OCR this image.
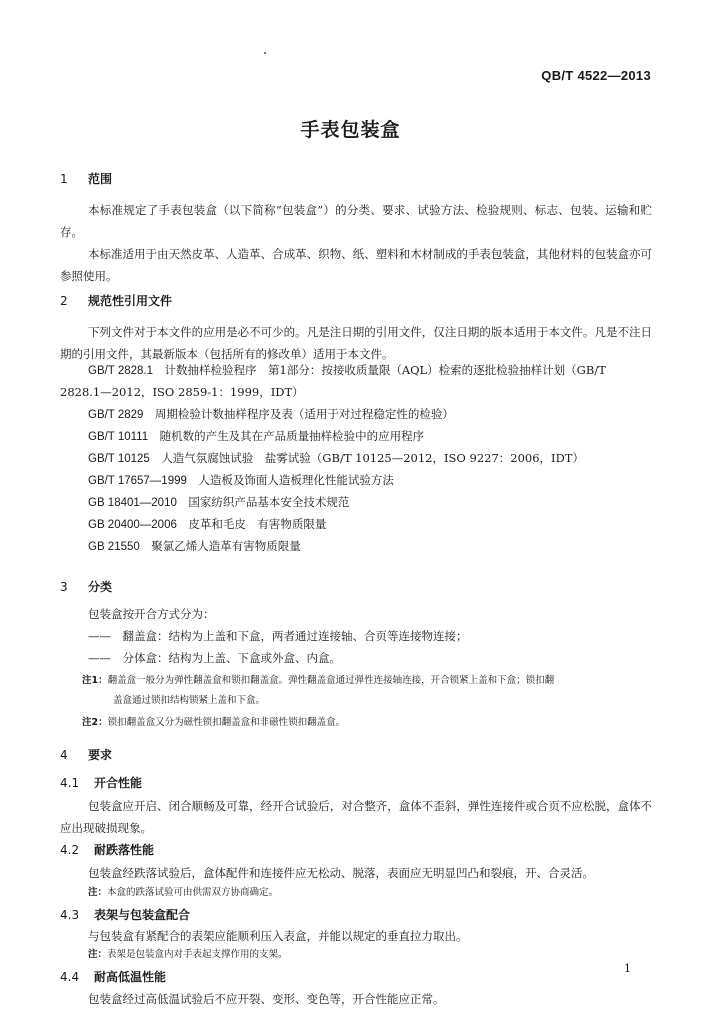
QB/T 4522—2013
手表包装盒
1 范围
本标准规定了手表包装盒（以下简称“包装盒”）的分类、要求、试验方法、检验规则、标志、包装、运输和贮存。
本标准适用于由天然皮革、人造革、合成革、织物、纸、塑料和木材制成的手表包装盒，其他材料的包装盒亦可参照使用。
2 规范性引用文件
下列文件对于本文件的应用是必不可少的。凡是注日期的引用文件，仅注日期的版本适用于本文件。凡是不注日期的引用文件，其最新版本（包括所有的修改单）适用于本文件。
GB/T 2828.1　 计数抽样检验程序　第1部分：按接收质量限（AQL）检索的逐批检验抽样计划（GB/T
2828.1—2012，ISO 2859-1：1999，IDT）
GB/T 2829　 周期检验计数抽样程序及表（适用于对过程稳定性的检验）
GB/T 10111　 随机数的产生及其在产品质量抽样检验中的应用程序
GB/T 10125　 人造气氛腐蚀试验　盐雾试验（GB/T 10125—2012，ISO 9227：2006，IDT）
GB/T 17657—1999　 人造板及饰面人造板理化性能试验方法
GB 18401—2010　 国家纺织产品基本安全技术规范
GB 20400—2006　 皮革和毛皮　有害物质限量
GB 21550　 聚氯乙烯人造革有害物质限量
3 分类
包装盒按开合方式分为：
——　翻盖盒：结构为上盖和下盒，两者通过连接轴、合页等连接物连接；
——　分体盒：结构为上盖、下盒或外盒、内盒。
注1：翻盖盒一般分为弹性翻盖盒和锁扣翻盖盒。弹性翻盖盒通过弹性连接轴连接，开合锁紧上盖和下盒；锁扣翻
盖盒通过锁扣结构锁紧上盖和下盒。
注2：锁扣翻盖盒又分为磁性锁扣翻盖盒和非磁性锁扣翻盖盒。
4 要求
4.1 开合性能
包装盒应开启、闭合顺畅及可靠，经开合试验后，对合整齐，盒体不歪斜，弹性连接件或合页不应松脱，盒体不应出现破损现象。
4.2 耐跌落性能
包装盒经跌落试验后，盒体配件和连接件应无松动、脱落，表面应无明显凹凸和裂痕，开、合灵活。
注：本盒的跌落试验可由供需双方协商确定。
4.3 表架与包装盒配合
与包装盒有紧配合的表架应能顺利压入表盒，并能以规定的垂直拉力取出。
注：表架是包装盒内对手表起支撑作用的支架。
4.4 耐高低温性能
包装盒经过高低温试验后不应开裂、变形、变色等，开合性能应正常。
1
